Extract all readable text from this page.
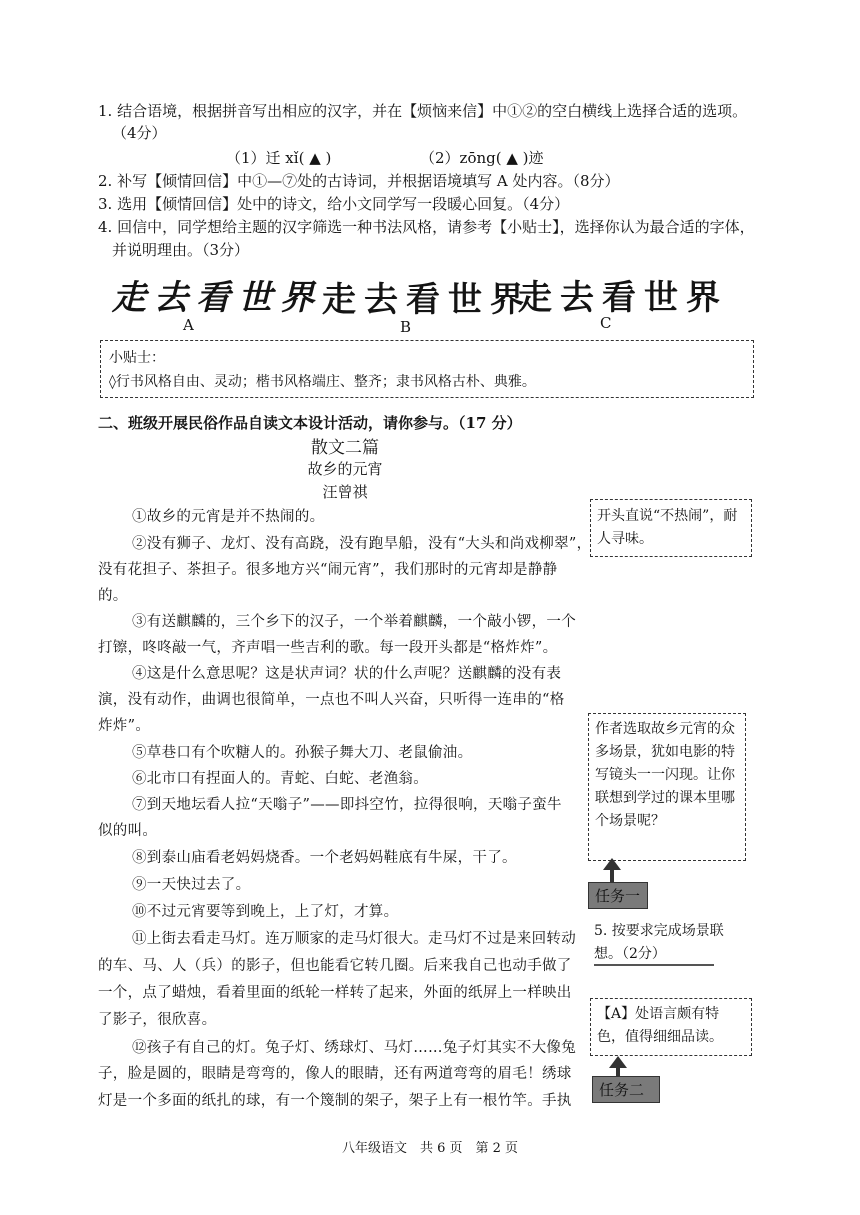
1. 结合语境，根据拼音写出相应的汉字，并在【烦恼来信】中①②的空白横线上选择合适的选项。
（4分）
（1）迁 xǐ( ▲ )	（2）zōng( ▲ )迹
2. 补写【倾情回信】中①—⑦处的古诗词，并根据语境填写 A 处内容。（8分）
3. 选用【倾情回信】处中的诗文，给小文同学写一段暖心回复。（4分）
4. 回信中，同学想给主题的汉字筛选一种书法风格，请参考【小贴士】，选择你认为最合适的字体，
并说明理由。（3分）
走去看世界 走去看世界
走去看世界
A	B	C
小贴士：
◊行书风格自由、灵动；楷书风格端庄、整齐；隶书风格古朴、典雅。
二、班级开展民俗作品自读文本设计活动，请你参与。（17 分）
散文二篇
故乡的元宵
汪曾祺
①故乡的元宵是并不热闹的。
②没有狮子、龙灯、没有高跷，没有跑旱船，没有“大头和尚戏柳翠”，
没有花担子、茶担子。很多地方兴“闹元宵”，我们那时的元宵却是静静
的。
③有送麒麟的，三个乡下的汉子，一个举着麒麟，一个敲小锣，一个
打镲，咚咚敲一气，齐声唱一些吉利的歌。每一段开头都是“格炸炸”。
④这是什么意思呢？这是状声词？状的什么声呢？送麒麟的没有表
演，没有动作，曲调也很简单，一点也不叫人兴奋，只听得一连串的“格
炸炸”。
⑤草巷口有个吹糖人的。孙猴子舞大刀、老鼠偷油。
⑥北市口有捏面人的。青蛇、白蛇、老渔翁。
⑦到天地坛看人拉“天嗡子”——即抖空竹，拉得很响，天嗡子蛮牛
似的叫。
⑧到泰山庙看老妈妈烧香。一个老妈妈鞋底有牛屎，干了。
⑨一天快过去了。
⑩不过元宵要等到晚上，上了灯，才算。
⑪上街去看走马灯。连万顺家的走马灯很大。走马灯不过是来回转动
的车、马、人（兵）的影子，但也能看它转几圈。后来我自己也动手做了
一个，点了蜡烛，看着里面的纸轮一样转了起来，外面的纸屏上一样映出
了影子，很欣喜。
⑫孩子有自己的灯。兔子灯、绣球灯、马灯……兔子灯其实不大像兔
子，脸是圆的，眼睛是弯弯的，像人的眼睛，还有两道弯弯的眉毛！绣球
灯是一个多面的纸扎的球，有一个篾制的架子，架子上有一根竹竿。手执
开头直说“不热闹”，耐人寻味。
作者选取故乡元宵的众多场景，犹如电影的特写镜头一一闪现。让你联想到学过的课本里哪个场景呢？
任务一
5. 按要求完成场景联想。（2分）
【A】处语言颇有特色，值得细细品读。
任务二
八年级语文　共 6 页　第 2 页
